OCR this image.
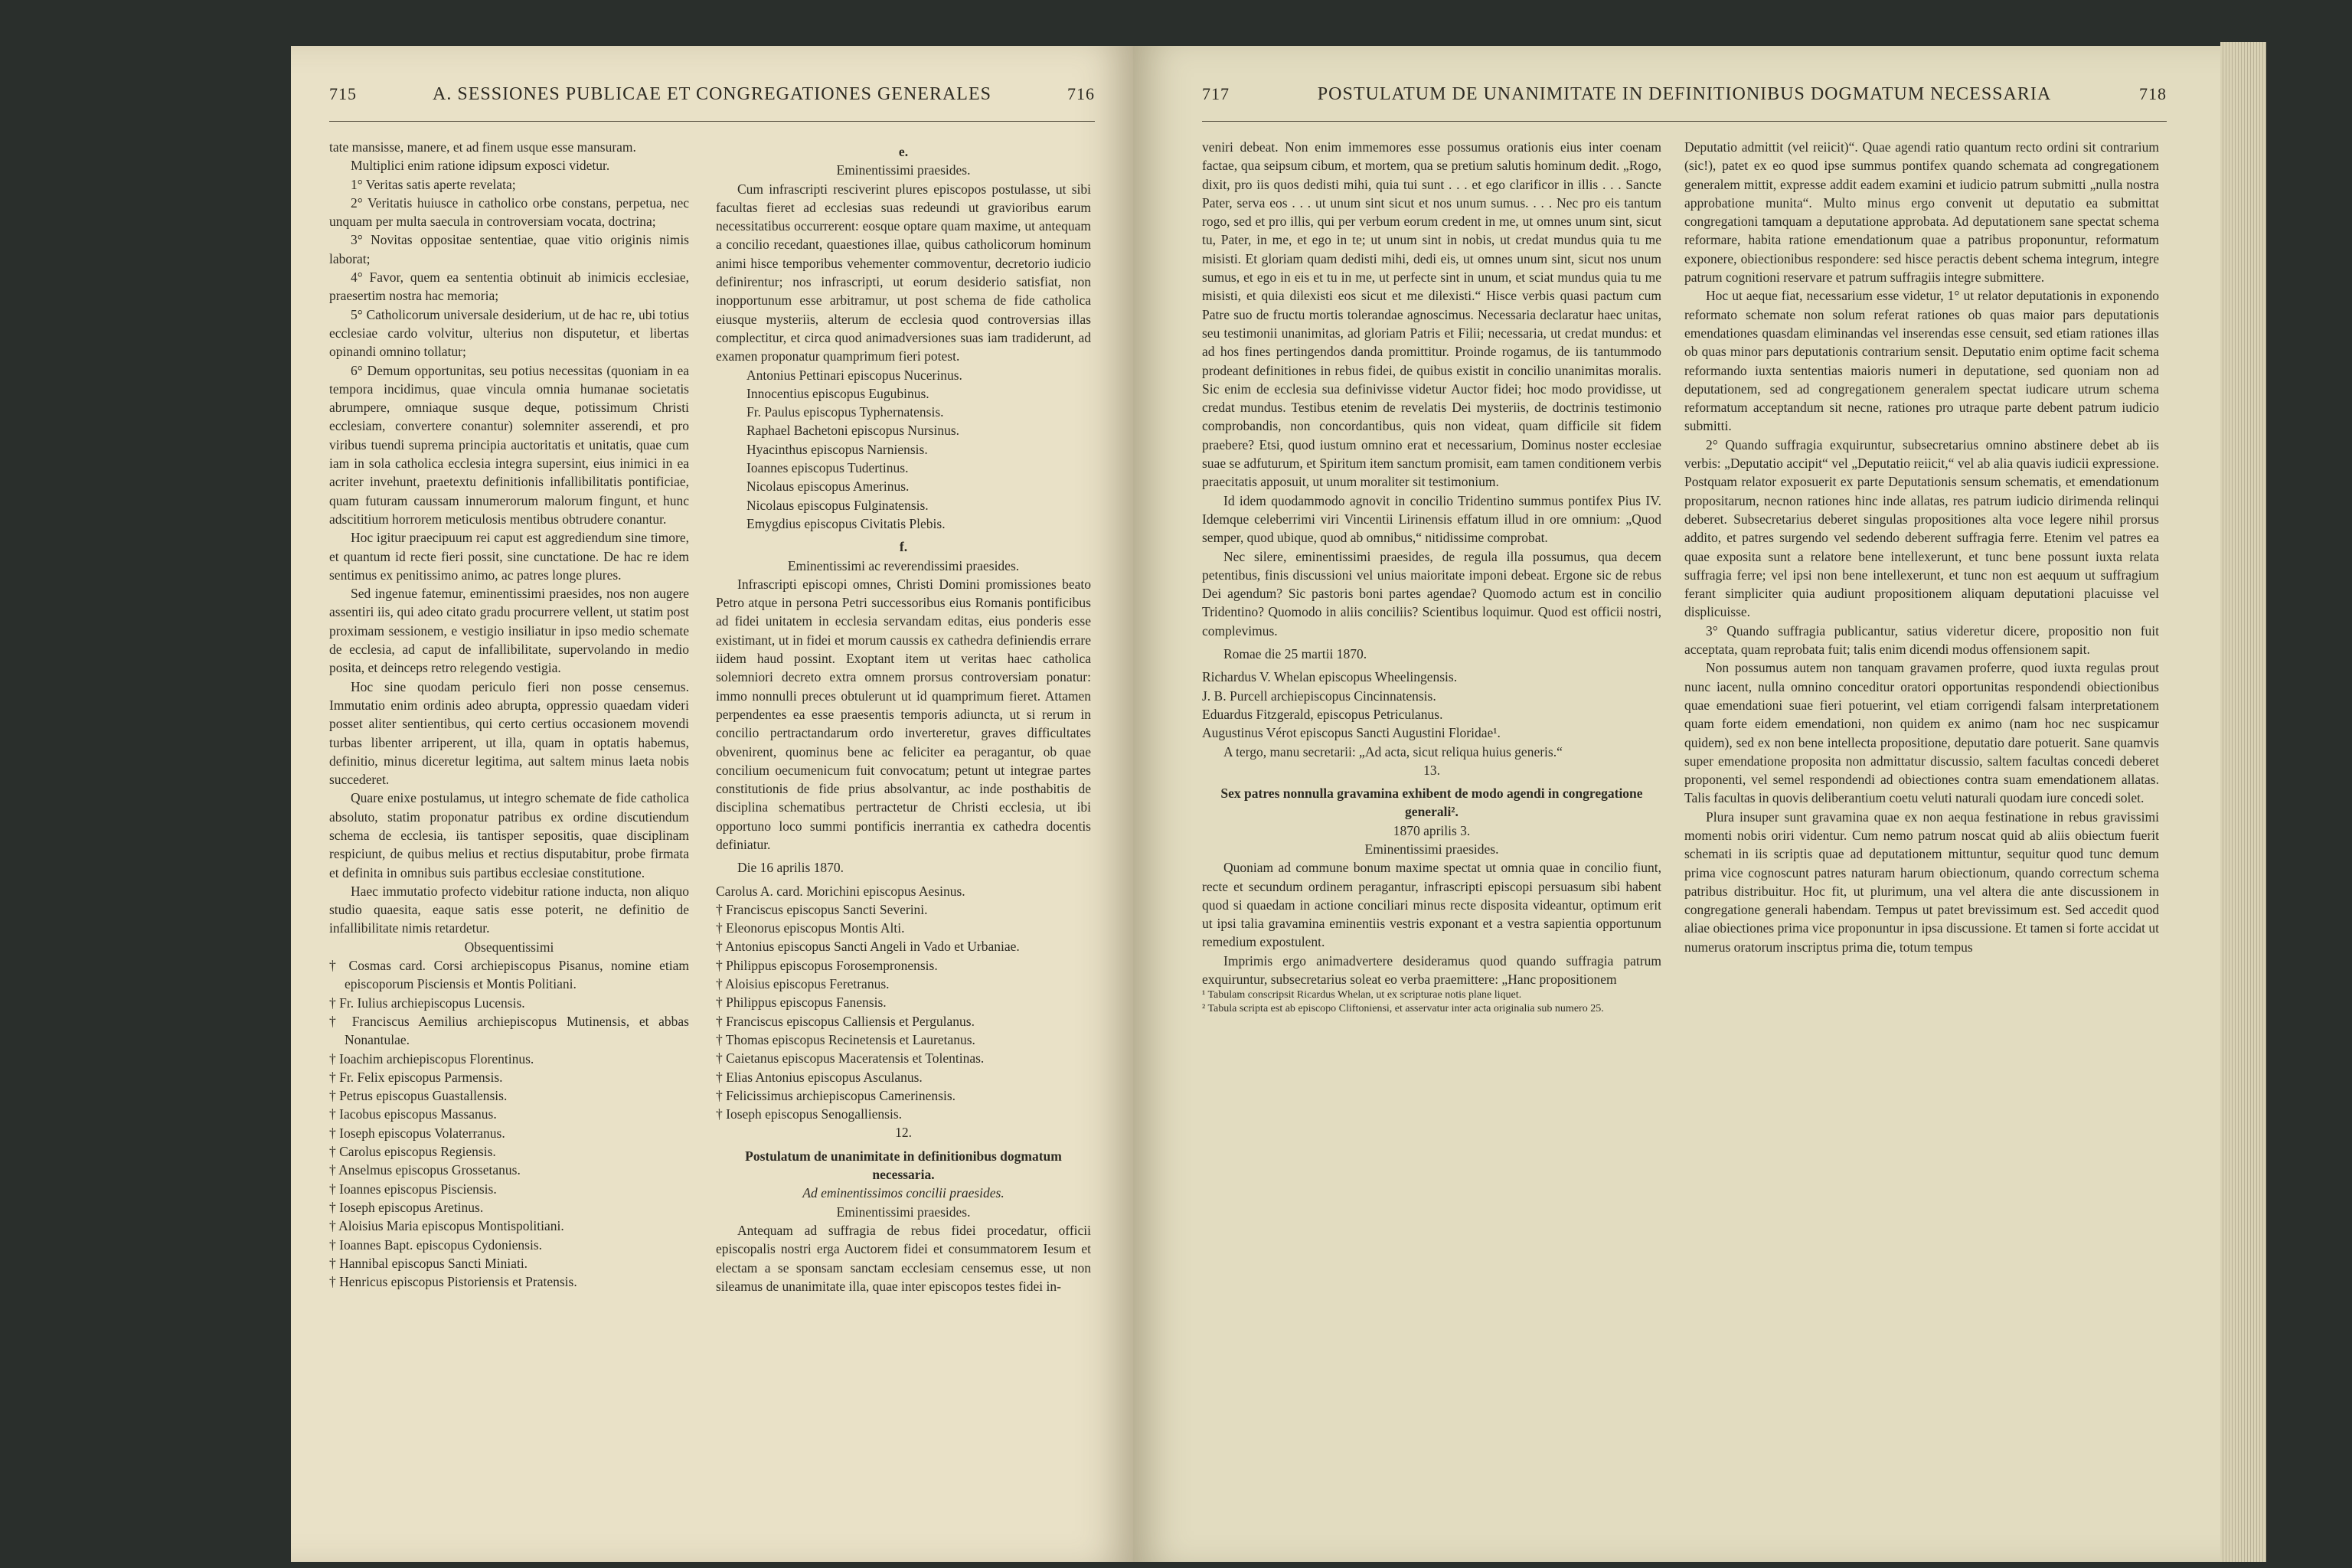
715	A. SESSIONES PUBLICAE ET CONGREGATIONES GENERALES	716

tate mansisse, manere, et ad finem usque esse mansuram.

Multiplici enim ratione idipsum exposci videtur.

1° Veritas satis aperte revelata;

2° Veritatis huiusce in catholico orbe constans, perpetua, nec unquam per multa saecula in controversiam vocata, doctrina;

3° Novitas oppositae sententiae, quae vitio originis nimis laborat;

4° Favor, quem ea sententia obtinuit ab inimicis ecclesiae, praesertim nostra hac memoria;

5° Catholicorum universale desiderium, ut de hac re, ubi totius ecclesiae cardo volvitur, ulterius non disputetur, et libertas opinandi omnino tollatur;

6° Demum opportunitas, seu potius necessitas (quoniam in ea tempora incidimus, quae vincula omnia humanae societatis abrumpere, omniaque susque deque, potissimum Christi ecclesiam, convertere conantur) solemniter asserendi, et pro viribus tuendi suprema principia auctoritatis et unitatis, quae cum iam in sola catholica ecclesia integra supersint, eius inimici in ea acriter invehunt, praetextu definitionis infallibilitatis pontificiae, quam futuram caussam innumerorum malorum fingunt, et hunc adscititium horrorem meticulosis mentibus obtrudere conantur.

Hoc igitur praecipuum rei caput est aggrediendum sine timore, et quantum id recte fieri possit, sine cunctatione. De hac re idem sentimus ex penitissimo animo, ac patres longe plures.

Sed ingenue fatemur, eminentissimi praesides, nos non augere assentiri iis, qui adeo citato gradu procurrere vellent, ut statim post proximam sessionem, e vestigio insiliatur in ipso medio schemate de ecclesia, ad caput de infallibilitate, supervolando in medio posita, et deinceps retro relegendo vestigia.

Hoc sine quodam periculo fieri non posse censemus. Immutatio enim ordinis adeo abrupta, oppressio quaedam videri posset aliter sentientibus, qui certo certius occasionem movendi turbas libenter arriperent, ut illa, quam in optatis habemus, definitio, minus diceretur legitima, aut saltem minus laeta nobis succederet.

Quare enixe postulamus, ut integro schemate de fide catholica absoluto, statim proponatur patribus ex ordine discutiendum schema de ecclesia, iis tantisper sepositis, quae disciplinam respiciunt, de quibus melius et rectius disputabitur, probe firmata et definita in omnibus suis partibus ecclesiae constitutione.

Haec immutatio profecto videbitur ratione inducta, non aliquo studio quaesita, eaque satis esse poterit, ne definitio de infallibilitate nimis retardetur.

Obsequentissimi

† Cosmas card. Corsi archiepiscopus Pisanus, nomine etiam episcoporum Pisciensis et Montis Politiani.
† Fr. Iulius archiepiscopus Lucensis.
† Franciscus Aemilius archiepiscopus Mutinensis, et abbas Nonantulae.
† Ioachim archiepiscopus Florentinus.
† Fr. Felix episcopus Parmensis.
† Petrus episcopus Guastallensis.
† Iacobus episcopus Massanus.
† Ioseph episcopus Volaterranus.
† Carolus episcopus Regiensis.
† Anselmus episcopus Grossetanus.
† Ioannes episcopus Pisciensis.
† Ioseph episcopus Aretinus.
† Aloisius Maria episcopus Montispolitiani.
† Ioannes Bapt. episcopus Cydoniensis.
† Hannibal episcopus Sancti Miniati.
† Henricus episcopus Pistoriensis et Pratensis.

e.

Eminentissimi praesides.

Cum infrascripti resciverint plures episcopos postulasse, ut sibi facultas fieret ad ecclesias suas redeundi ut gravioribus earum necessitatibus occurrerent: eosque optare quam maxime, ut antequam a concilio recedant, quaestiones illae, quibus catholicorum hominum animi hisce temporibus vehementer commoventur, decretorio iudicio definirentur; nos infrascripti, ut eorum desiderio satisfiat, non inopportunum esse arbitramur, ut post schema de fide catholica eiusque mysteriis, alterum de ecclesia quod controversias illas complectitur, et circa quod animadversiones suas iam tradiderunt, ad examen proponatur quamprimum fieri potest.

Antonius Pettinari episcopus Nucerinus.
Innocentius episcopus Eugubinus.
Fr. Paulus episcopus Typhernatensis.
Raphael Bachetoni episcopus Nursinus.
Hyacinthus episcopus Narniensis.
Ioannes episcopus Tudertinus.
Nicolaus episcopus Amerinus.
Nicolaus episcopus Fulginatensis.
Emygdius episcopus Civitatis Plebis.

f.

Eminentissimi ac reverendissimi praesides.

Infrascripti episcopi omnes, Christi Domini promissiones beato Petro atque in persona Petri successoribus eius Romanis pontificibus ad fidei unitatem in ecclesia servandam editas, eius ponderis esse existimant, ut in fidei et morum caussis ex cathedra definiendis errare iidem haud possint. Exoptant item ut veritas haec catholica solemniori decreto extra omnem prorsus controversiam ponatur: immo nonnulli preces obtulerunt ut id quamprimum fieret. Attamen perpendentes ea esse praesentis temporis adiuncta, ut si rerum in concilio pertractandarum ordo inverteretur, graves difficultates obvenirent, quominus bene ac feliciter ea peragantur, ob quae concilium oecumenicum fuit convocatum; petunt ut integrae partes constitutionis de fide prius absolvantur, ac inde posthabitis de disciplina schematibus pertractetur de Christi ecclesia, ut ibi opportuno loco summi pontificis inerrantia ex cathedra docentis definiatur.

Die 16 aprilis 1870.

Carolus A. card. Morichini episcopus Aesinus.
† Franciscus episcopus Sancti Severini.
† Eleonorus episcopus Montis Alti.
† Antonius episcopus Sancti Angeli in Vado et Urbaniae.
† Philippus episcopus Forosempronensis.
† Aloisius episcopus Feretranus.
† Philippus episcopus Fanensis.
† Franciscus episcopus Calliensis et Pergulanus.
† Thomas episcopus Recinetensis et Lauretanus.
† Caietanus episcopus Maceratensis et Tolentinas.
† Elias Antonius episcopus Asculanus.
† Felicissimus archiepiscopus Camerinensis.
† Ioseph episcopus Senogalliensis.

12.

Postulatum de unanimitate in definitionibus dogmatum necessaria.

Ad eminentissimos concilii praesides.

Eminentissimi praesides.

Antequam ad suffragia de rebus fidei procedatur, officii episcopalis nostri erga Auctorem fidei et consummatorem Iesum et electam a se sponsam sanctam ecclesiam censemus esse, ut non sileamus de unanimitate illa, quae inter episcopos testes fidei in-

717	POSTULATUM DE UNANIMITATE IN DEFINITIONIBUS DOGMATUM NECESSARIA	718

veniri debeat. Non enim immemores esse possumus orationis eius inter coenam factae, qua seipsum cibum, et mortem, qua se pretium salutis hominum dedit. „Rogo, dixit, pro iis quos dedisti mihi, quia tui sunt . . . et ego clarificor in illis . . . Sancte Pater, serva eos . . . ut unum sint sicut et nos unum sumus. . . . Nec pro eis tantum rogo, sed et pro illis, qui per verbum eorum credent in me, ut omnes unum sint, sicut tu, Pater, in me, et ego in te; ut unum sint in nobis, ut credat mundus quia tu me misisti. Et gloriam quam dedisti mihi, dedi eis, ut omnes unum sint, sicut nos unum sumus, et ego in eis et tu in me, ut perfecte sint in unum, et sciat mundus quia tu me misisti, et quia dilexisti eos sicut et me dilexisti.“ Hisce verbis quasi pactum cum Patre suo de fructu mortis tolerandae agnoscimus. Necessaria declaratur haec unitas, seu testimonii unanimitas, ad gloriam Patris et Filii; necessaria, ut credat mundus: et ad hos fines pertingendos danda promittitur. Proinde rogamus, de iis tantummodo prodeant definitiones in rebus fidei, de quibus existit in concilio unanimitas moralis. Sic enim de ecclesia sua definivisse videtur Auctor fidei; hoc modo providisse, ut credat mundus. Testibus etenim de revelatis Dei mysteriis, de doctrinis testimonio comprobandis, non concordantibus, quis non videat, quam difficile sit fidem praebere? Etsi, quod iustum omnino erat et necessarium, Dominus noster ecclesiae suae se adfuturum, et Spiritum item sanctum promisit, eam tamen conditionem verbis praecitatis apposuit, ut unum moraliter sit testimonium.

Id idem quodammodo agnovit in concilio Tridentino summus pontifex Pius IV. Idemque celeberrimi viri Vincentii Lirinensis effatum illud in ore omnium: „Quod semper, quod ubique, quod ab omnibus,“ nitidissime comprobat.

Nec silere, eminentissimi praesides, de regula illa possumus, qua decem petentibus, finis discussioni vel unius maioritate imponi debeat. Ergone sic de rebus Dei agendum? Sic pastoris boni partes agendae? Quomodo actum est in concilio Tridentino? Quomodo in aliis conciliis? Scientibus loquimur. Quod est officii nostri, complevimus.

Romae die 25 martii 1870.

Richardus V. Whelan episcopus Wheelingensis.
J. B. Purcell archiepiscopus Cincinnatensis.
Eduardus Fitzgerald, episcopus Petriculanus.
Augustinus Vérot episcopus Sancti Augustini Floridae¹.

A tergo, manu secretarii: „Ad acta, sicut reliqua huius generis.“

13.

Sex patres nonnulla gravamina exhibent de modo agendi in congregatione generali².

1870 aprilis 3.

Eminentissimi praesides.

Quoniam ad commune bonum maxime spectat ut omnia quae in concilio fiunt, recte et secundum ordinem peragantur, infrascripti episcopi persuasum sibi habent quod si quaedam in actione conciliari minus recte disposita videantur, optimum erit ut ipsi talia gravamina eminentiis vestris exponant et a vestra sapientia opportunum remedium expostulent.

Imprimis ergo animadvertere desideramus quod quando suffragia patrum exquiruntur, subsecretarius soleat eo verba praemittere: „Hanc propositionem

¹ Tabulam conscripsit Ricardus Whelan, ut ex scripturae notis plane liquet.

² Tabula scripta est ab episcopo Cliftoniensi, et asservatur inter acta originalia sub numero 25.

Deputatio admittit (vel reiicit)“. Quae agendi ratio quantum recto ordini sit contrarium (sic!), patet ex eo quod ipse summus pontifex quando schemata ad congregationem generalem mittit, expresse addit eadem examini et iudicio patrum submitti „nulla nostra approbatione munita“. Multo minus ergo convenit ut deputatio ea submittat congregationi tamquam a deputatione approbata. Ad deputationem sane spectat schema reformare, habita ratione emendationum quae a patribus proponuntur, reformatum exponere, obiectionibus respondere: sed hisce peractis debent schema integrum, integre patrum cognitioni reservare et patrum suffragiis integre submittere.

Hoc ut aeque fiat, necessarium esse videtur, 1° ut relator deputationis in exponendo reformato schemate non solum referat rationes ob quas maior pars deputationis emendationes quasdam eliminandas vel inserendas esse censuit, sed etiam rationes illas ob quas minor pars deputationis contrarium sensit. Deputatio enim optime facit schema reformando iuxta sententias maioris numeri in deputatione, sed quoniam non ad deputationem, sed ad congregationem generalem spectat iudicare utrum schema reformatum acceptandum sit necne, rationes pro utraque parte debent patrum iudicio submitti.

2° Quando suffragia exquiruntur, subsecretarius omnino abstinere debet ab iis verbis: „Deputatio accipit“ vel „Deputatio reiicit,“ vel ab alia quavis iudicii expressione. Postquam relator exposuerit ex parte Deputationis sensum schematis, et emendationum propositarum, necnon rationes hinc inde allatas, res patrum iudicio dirimenda relinqui deberet. Subsecretarius deberet singulas propositiones alta voce legere nihil prorsus addito, et patres surgendo vel sedendo deberent suffragia ferre. Etenim vel patres ea quae exposita sunt a relatore bene intellexerunt, et tunc bene possunt iuxta relata suffragia ferre; vel ipsi non bene intellexerunt, et tunc non est aequum ut suffragium ferant simpliciter quia audiunt propositionem aliquam deputationi placuisse vel displicuisse.

3° Quando suffragia publicantur, satius videretur dicere, propositio non fuit acceptata, quam reprobata fuit; talis enim dicendi modus offensionem sapit.

Non possumus autem non tanquam gravamen proferre, quod iuxta regulas prout nunc iacent, nulla omnino conceditur oratori opportunitas respondendi obiectionibus quae emendationi suae fieri potuerint, vel etiam corrigendi falsam interpretationem quam forte eidem emendationi, non quidem ex animo (nam hoc nec suspicamur quidem), sed ex non bene intellecta propositione, deputatio dare potuerit. Sane quamvis super emendatione proposita non admittatur discussio, saltem facultas concedi deberet proponenti, vel semel respondendi ad obiectiones contra suam emendationem allatas. Talis facultas in quovis deliberantium coetu veluti naturali quodam iure concedi solet.

Plura insuper sunt gravamina quae ex non aequa festinatione in rebus gravissimi momenti nobis oriri videntur. Cum nemo patrum noscat quid ab aliis obiectum fuerit schemati in iis scriptis quae ad deputationem mittuntur, sequitur quod tunc demum prima vice cognoscunt patres naturam harum obiectionum, quando correctum schema patribus distribuitur. Hoc fit, ut plurimum, una vel altera die ante discussionem in congregatione generali habendam. Tempus ut patet brevissimum est. Sed accedit quod aliae obiectiones prima vice proponuntur in ipsa discussione. Et tamen si forte accidat ut numerus oratorum inscriptus prima die, totum tempus
